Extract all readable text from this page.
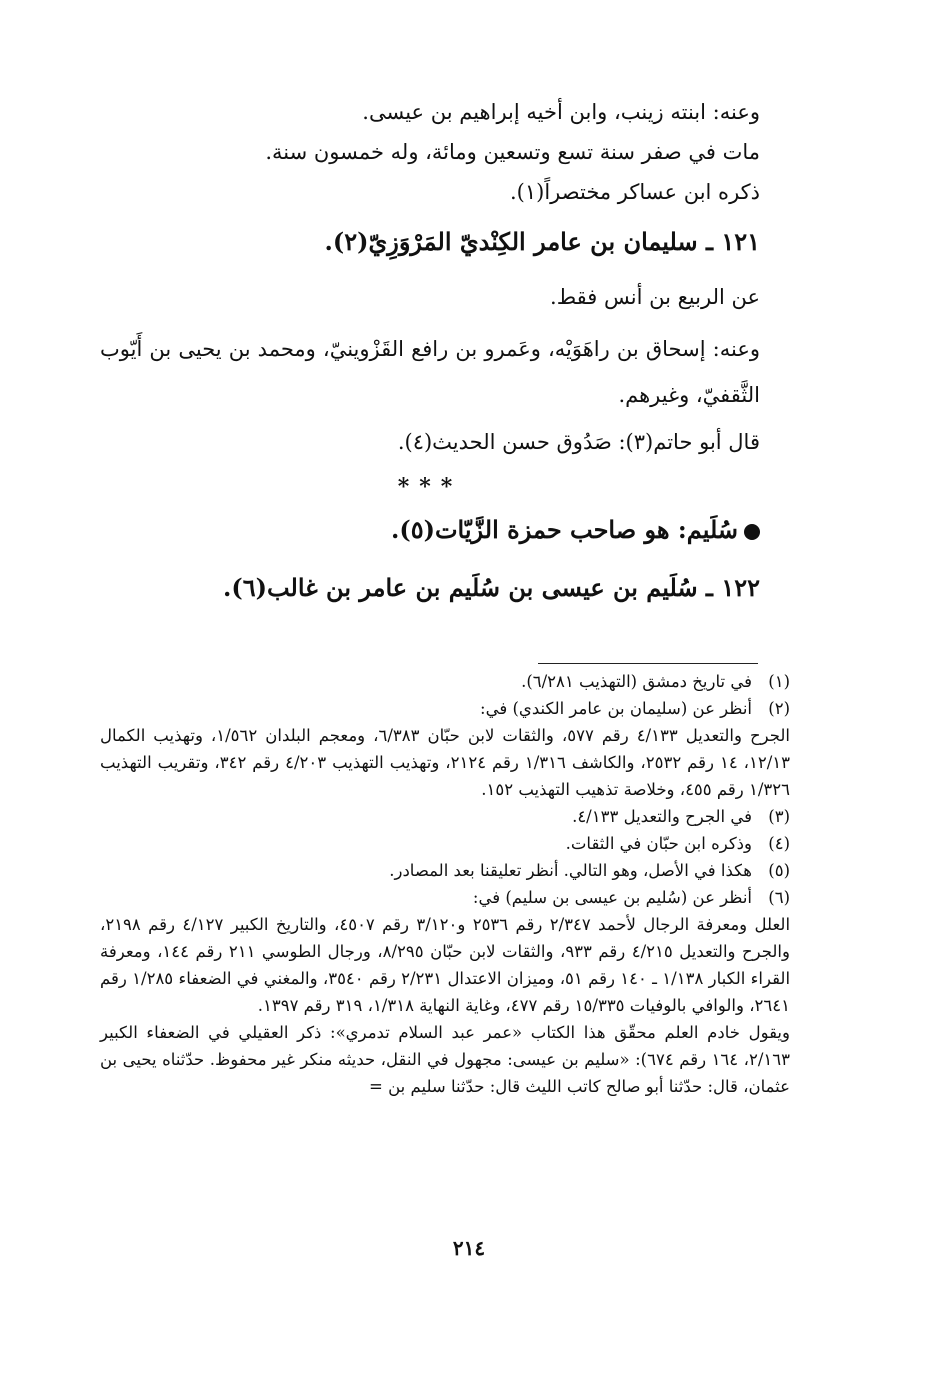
وعنه: ابنته زينب، وابن أخيه إبراهيم بن عيسى.
مات في صفر سنة تسع وتسعين ومائة، وله خمسون سنة.
ذكره ابن عساكر مختصراً(١).
١٢١ ـ سليمان بن عامر الكِنْديّ المَرْوَزِيّ(٢).
عن الربيع بن أنس فقط.
وعنه: إسحاق بن راهَوَيْه، وعَمرو بن رافع القَزْوينيّ، ومحمد بن يحيى بن أَيّوب الثَّقفيّ، وغيرهم.
قال أبو حاتم(٣): صَدُوق حسن الحديث(٤).
***
سُلَيم: هو صاحب حمزة الزَّيّات(٥).
١٢٢ ـ سُلَيم بن عيسى بن سُلَيم بن عامر بن غالب(٦).
(١)
في تاريخ دمشق (التهذيب ٦/٢٨١).
(٢)
أنظر عن (سليمان بن عامر الكندي) في:
الجرح والتعديل ٤/١٣٣ رقم ٥٧٧، والثقات لابن حبّان ٦/٣٨٣، ومعجم البلدان ١/٥٦٢، وتهذيب الكمال ١٢/١٣، ١٤ رقم ٢٥٣٢، والكاشف ١/٣١٦ رقم ٢١٢٤، وتهذيب التهذيب ٤/٢٠٣ رقم ٣٤٢، وتقريب التهذيب ١/٣٢٦ رقم ٤٥٥، وخلاصة تذهيب التهذيب ١٥٢.
(٣)
في الجرح والتعديل ٤/١٣٣.
(٤)
وذكره ابن حبّان في الثقات.
(٥)
هكذا في الأصل، وهو التالي. أنظر تعليقنا بعد المصادر.
(٦)
أنظر عن (سُليم بن عيسى بن سليم) في:
العلل ومعرفة الرجال لأحمد ٢/٣٤٧ رقم ٢٥٣٦ و٣/١٢٠ رقم ٤٥٠٧، والتاريخ الكبير ٤/١٢٧ رقم ٢١٩٨، والجرح والتعديل ٤/٢١٥ رقم ٩٣٣، والثقات لابن حبّان ٨/٢٩٥، ورجال الطوسي ٢١١ رقم ١٤٤، ومعرفة القراء الكبار ١/١٣٨ ـ ١٤٠ رقم ٥١، وميزان الاعتدال ٢/٢٣١ رقم ٣٥٤٠، والمغني في الضعفاء ١/٢٨٥ رقم ٢٦٤١، والوافي بالوفيات ١٥/٣٣٥ رقم ٤٧٧، وغاية النهاية ١/٣١٨، ٣١٩ رقم ١٣٩٧.
ويقول خادم العلم محقّق هذا الكتاب «عمر عبد السلام تدمري»: ذكر العقيلي في الضعفاء الكبير ٢/١٦٣، ١٦٤ رقم ٦٧٤): «سليم بن عيسى: مجهول في النقل، حديثه منكر غير محفوظ. حدّثناه يحيى بن عثمان، قال: حدّثنا أبو صالح كاتب الليث قال: حدّثنا سليم بن =
٢١٤
